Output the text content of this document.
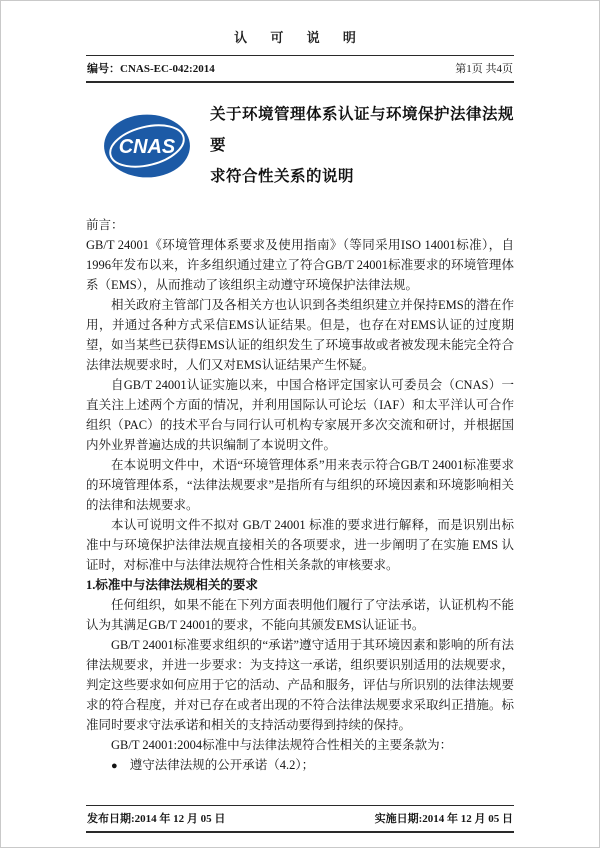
认 可 说 明
编号：CNAS-EC-042:2014	第1页 共4页
CNAS
关于环境管理体系认证与环境保护法律法规要
求符合性关系的说明

前言：

GB/T 24001《环境管理体系要求及使用指南》（等同采用ISO 14001标准），自1996年发布以来，许多组织通过建立了符合GB/T 24001标准要求的环境管理体系（EMS），从而推动了该组织主动遵守环境保护法律法规。

相关政府主管部门及各相关方也认识到各类组织建立并保持EMS的潜在作用，并通过各种方式采信EMS认证结果。但是，也存在对EMS认证的过度期望，如当某些已获得EMS认证的组织发生了环境事故或者被发现未能完全符合法律法规要求时，人们又对EMS认证结果产生怀疑。

自GB/T 24001认证实施以来，中国合格评定国家认可委员会（CNAS）一直关注上述两个方面的情况，并利用国际认可论坛（IAF）和太平洋认可合作组织（PAC）的技术平台与同行认可机构专家展开多次交流和研讨，并根据国内外业界普遍达成的共识编制了本说明文件。

在本说明文件中，术语“环境管理体系”用来表示符合GB/T 24001标准要求的环境管理体系，“法律法规要求”是指所有与组织的环境因素和环境影响相关的法律和法规要求。

本认可说明文件不拟对 GB/T 24001 标准的要求进行解释，而是识别出标准中与环境保护法律法规直接相关的各项要求，进一步阐明了在实施 EMS 认证时，对标准中与法律法规符合性相关条款的审核要求。

1.标准中与法律法规相关的要求

任何组织，如果不能在下列方面表明他们履行了守法承诺，认证机构不能认为其满足GB/T 24001的要求，不能向其颁发EMS认证证书。

GB/T 24001标准要求组织的“承诺”遵守适用于其环境因素和影响的所有法律法规要求，并进一步要求：为支持这一承诺，组织要识别适用的法规要求，判定这些要求如何应用于它的活动、产品和服务，评估与所识别的法律法规要求的符合程度，并对已存在或者出现的不符合法律法规要求采取纠正措施。标准同时要求守法承诺和相关的支持活动要得到持续的保持。

GB/T 24001:2004标准中与法律法规符合性相关的主要条款为：

● 遵守法律法规的公开承诺（4.2）；

发布日期:2014 年 12 月 05 日	实施日期:2014 年 12 月 05 日
